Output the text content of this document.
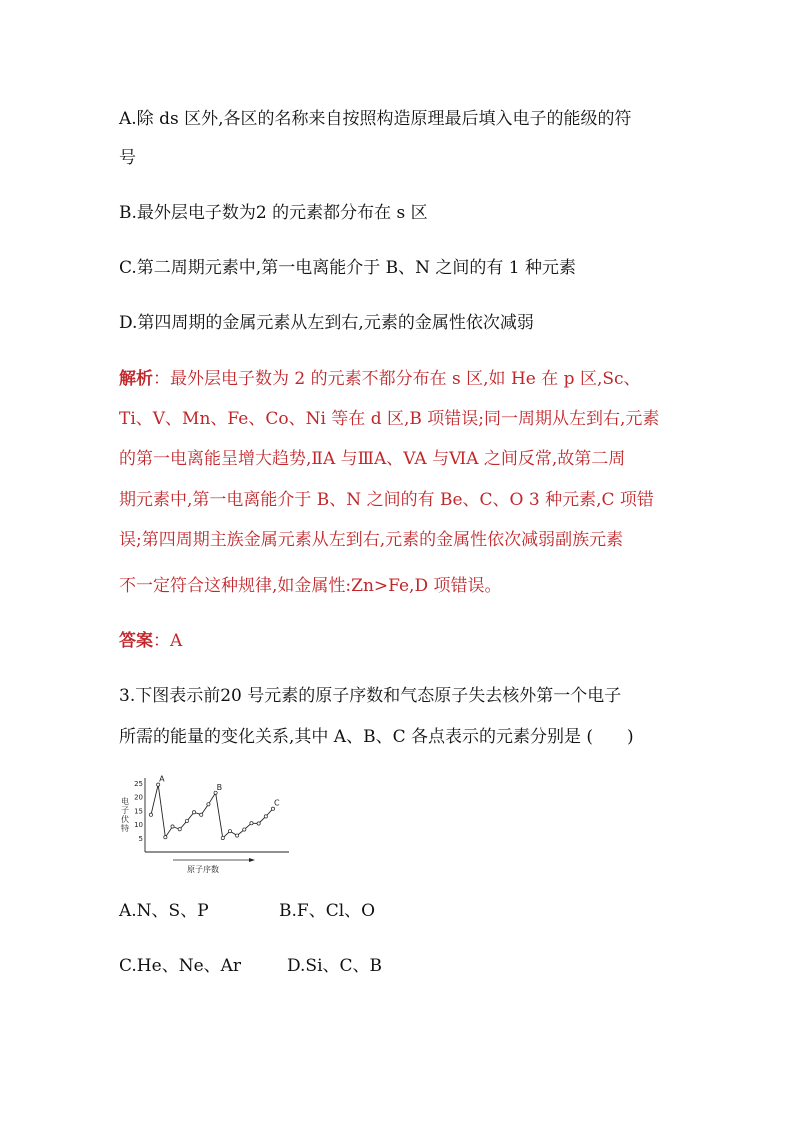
A.除 ds 区外,各区的名称来自按照构造原理最后填入电子的能级的符
号
B.最外层电子数为2 的元素都分布在 s 区
C.第二周期元素中,第一电离能介于 B、N 之间的有 1 种元素
D.第四周期的金属元素从左到右,元素的金属性依次减弱
解析：最外层电子数为 2 的元素不都分布在 s 区,如 He 在 p 区,Sc、
Ti、V、Mn、Fe、Co、Ni 等在 d 区,B 项错误;同一周期从左到右,元素
的第一电离能呈增大趋势,ⅡA 与ⅢA、VA 与ⅥA 之间反常,故第二周
期元素中,第一电离能介于 B、N 之间的有 Be、C、O 3 种元素,C 项错
误;第四周期主族金属元素从左到右,元素的金属性依次减弱副族元素
不一定符合这种规律,如金属性:Zn>Fe,D 项错误。
答案：A
3.下图表示前20 号元素的原子序数和气态原子失去核外第一个电子
所需的能量的变化关系,其中 A、B、C 各点表示的元素分别是 (　　)
原子序数
电
子
伏
特
25
20
15
10
5
A
B
C
A.N、S、P	B.F、Cl、O
C.He、Ne、Ar	D.Si、C、B
